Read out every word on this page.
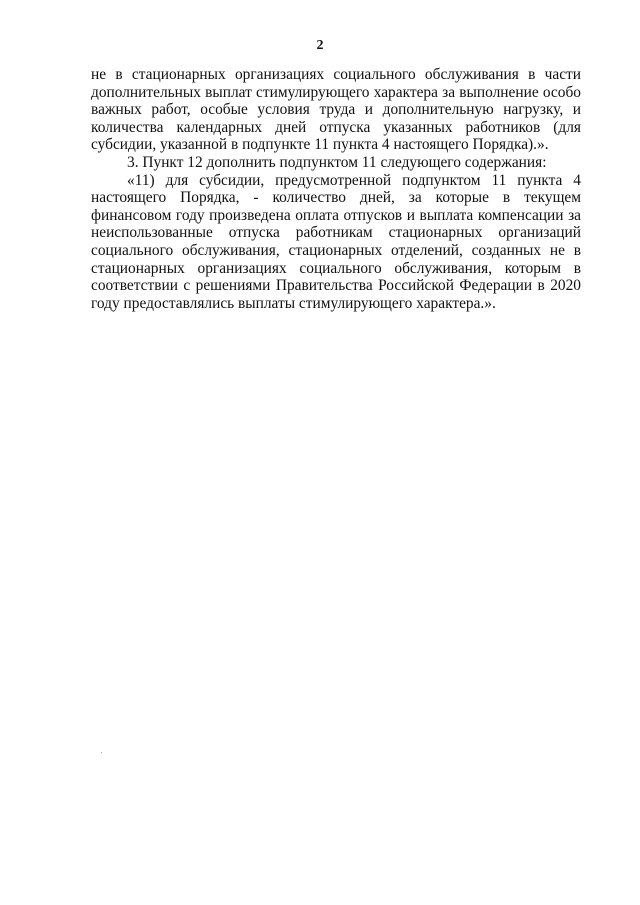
2

не в стационарных организациях социального обслуживания в части дополнительных выплат стимулирующего характера за выполнение особо важных работ, особые условия труда и дополнительную нагрузку, и количества календарных дней отпуска указанных работников (для субсидии, указанной в подпункте 11 пункта 4 настоящего Порядка).».

3. Пункт 12 дополнить подпунктом 11 следующего содержания:

«11) для субсидии, предусмотренной подпунктом 11 пункта 4 настоящего Порядка, - количество дней, за которые в текущем финансовом году произведена оплата отпусков и выплата компенсации за неиспользованные отпуска работникам стационарных организаций социального обслуживания, стационарных отделений, созданных не в стационарных организациях социального обслуживания, которым в соответствии с решениями Правительства Российской Федерации в 2020 году предоставлялись выплаты стимулирующего характера.».
